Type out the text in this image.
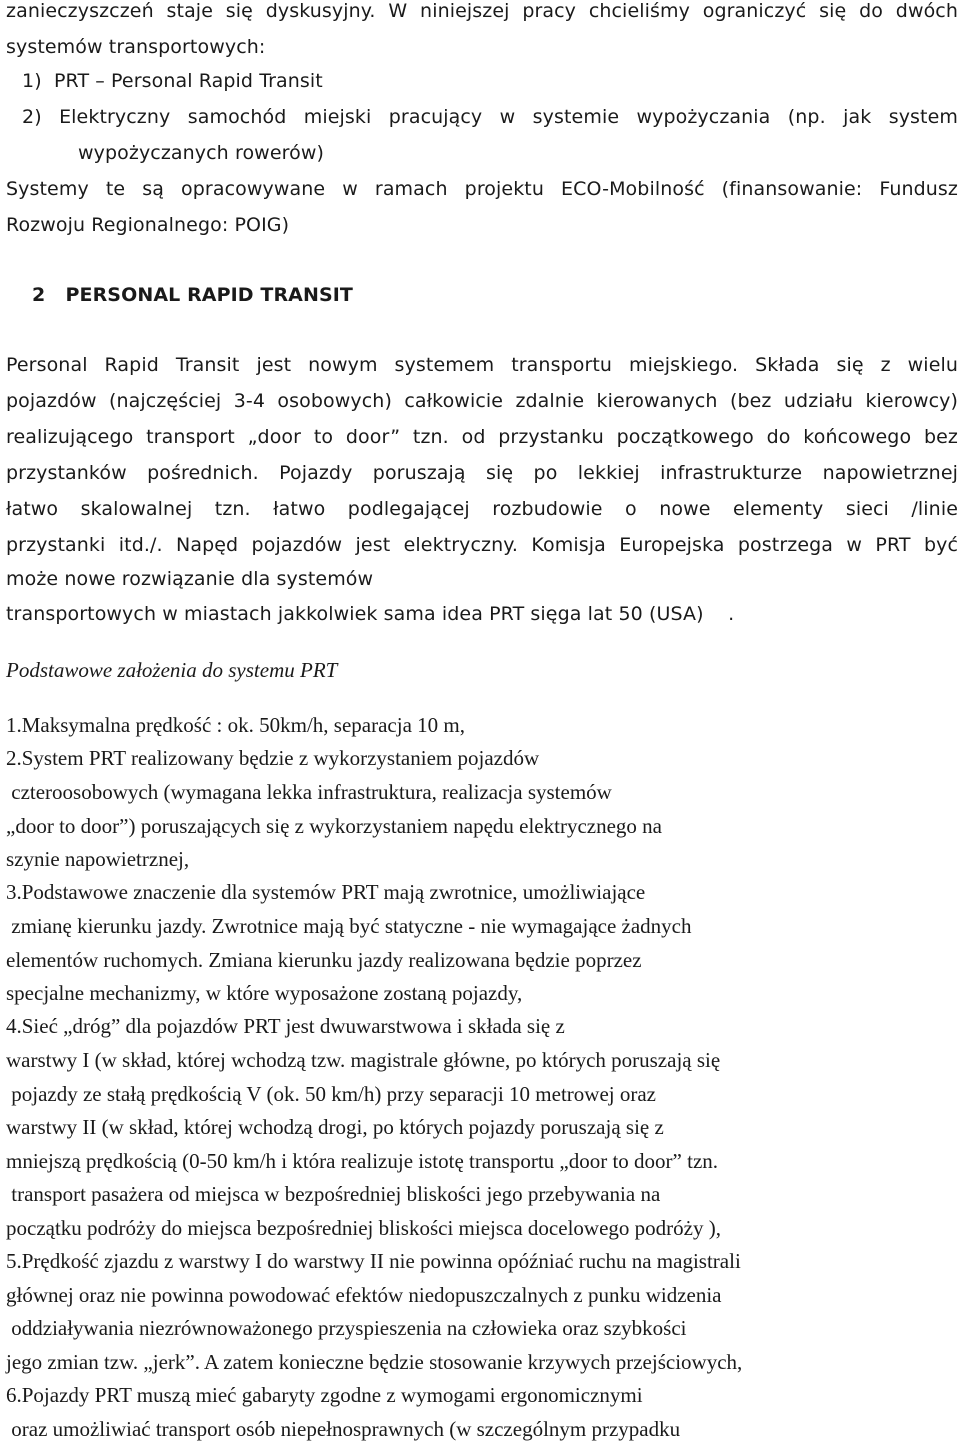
zanieczyszczeń staje się dyskusyjny. W niniejszej pracy chcieliśmy ograniczyć się do dwóch
systemów transportowych:
1)  PRT – Personal Rapid Transit
2) Elektryczny samochód miejski pracujący w systemie wypożyczania (np. jak system
wypożyczanych rowerów)
Systemy te są opracowywane w ramach projektu ECO-Mobilność (finansowanie: Fundusz
Rozwoju Regionalnego: POIG)
2   PERSONAL RAPID TRANSIT
Personal Rapid Transit jest nowym systemem transportu miejskiego. Składa się z wielu
pojazdów (najczęściej 3-4 osobowych) całkowicie zdalnie kierowanych (bez udziału kierowcy)
realizującego transport „door to door” tzn. od przystanku początkowego do końcowego bez
przystanków pośrednich. Pojazdy poruszają się po lekkiej infrastrukturze napowietrznej
łatwo skalowalnej tzn. łatwo podlegającej rozbudowie o nowe elementy sieci /linie
przystanki itd./. Napęd pojazdów jest elektryczny. Komisja Europejska postrzega w PRT być
może nowe rozwiązanie dla systemów
transportowych w miastach jakkolwiek sama idea PRT sięga lat 50 (USA)    .
Podstawowe założenia do systemu PRT
1.Maksymalna prędkość : ok. 50km/h, separacja 10 m,
2.System PRT realizowany będzie z wykorzystaniem pojazdów
czteroosobowych (wymagana lekka infrastruktura, realizacja systemów
„door to door”) poruszających się z wykorzystaniem napędu elektrycznego na
szynie napowietrznej,
3.Podstawowe znaczenie dla systemów PRT mają zwrotnice, umożliwiające
zmianę kierunku jazdy. Zwrotnice mają być statyczne - nie wymagające żadnych
elementów ruchomych. Zmiana kierunku jazdy realizowana będzie poprzez
specjalne mechanizmy, w które wyposażone zostaną pojazdy,
4.Sieć „dróg” dla pojazdów PRT jest dwuwarstwowa i składa się z
warstwy I (w skład, której wchodzą tzw. magistrale główne, po których poruszają się
pojazdy ze stałą prędkością V (ok. 50 km/h) przy separacji 10 metrowej oraz
warstwy II (w skład, której wchodzą drogi, po których pojazdy poruszają się z
mniejszą prędkością (0-50 km/h i która realizuje istotę transportu „door to door” tzn.
transport pasażera od miejsca w bezpośredniej bliskości jego przebywania na
początku podróży do miejsca bezpośredniej bliskości miejsca docelowego podróży ),
5.Prędkość zjazdu z warstwy I do warstwy II nie powinna opóźniać ruchu na magistrali
głównej oraz nie powinna powodować efektów niedopuszczalnych z punku widzenia
oddziaływania niezrównoważonego przyspieszenia na człowieka oraz szybkości
jego zmian tzw. „jerk”. A zatem konieczne będzie stosowanie krzywych przejściowych,
6.Pojazdy PRT muszą mieć gabaryty zgodne z wymogami ergonomicznymi
oraz umożliwiać transport osób niepełnosprawnych (w szczególnym przypadku
